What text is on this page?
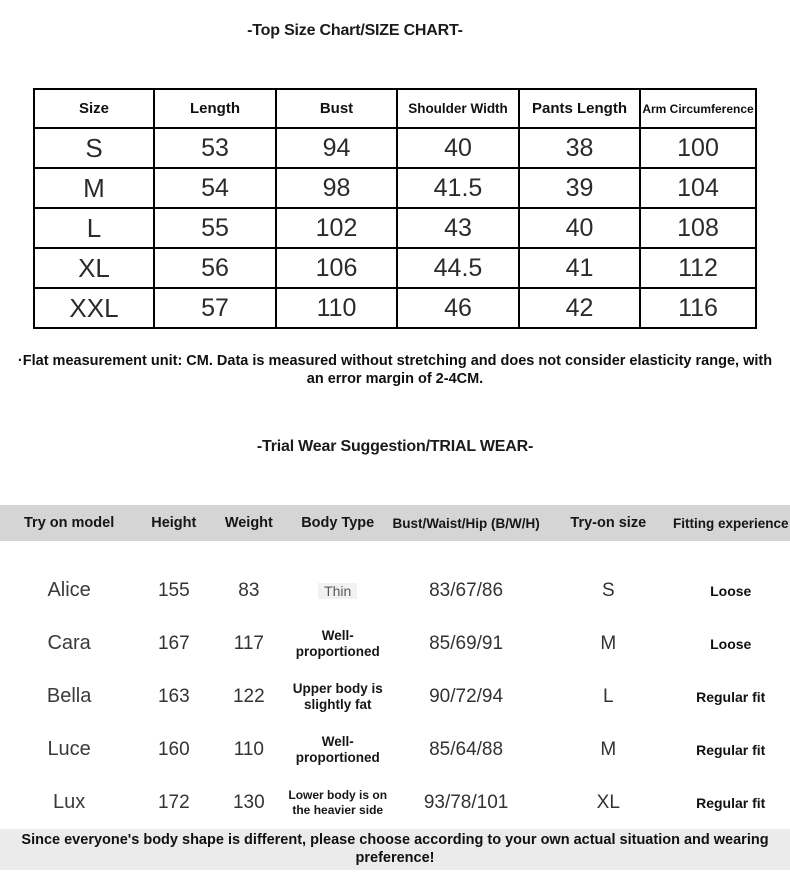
-Top Size Chart/SIZE CHART-
Size	Length	Bust	Shoulder Width	Pants Length	Arm Circumference
S	53	94	40	38	100
M	54	98	41.5	39	104
L	55	102	43	40	108
XL	56	106	44.5	41	112
XXL	57	110	46	42	116
·Flat measurement unit: CM. Data is measured without stretching and does not consider elasticity range, with an error margin of 2-4CM.
-Trial Wear Suggestion/TRIAL WEAR-
Try on model	Height	Weight	Body Type	Bust/Waist/Hip (B/W/H)	Try-on size	Fitting experience
Alice	155	83	Thin	83/67/86	S	Loose
Cara	167	117	Well-proportioned	85/69/91	M	Loose
Bella	163	122	Upper body is slightly fat	90/72/94	L	Regular fit
Luce	160	110	Well-proportioned	85/64/88	M	Regular fit
Lux	172	130	Lower body is on the heavier side	93/78/101	XL	Regular fit
Since everyone's body shape is different, please choose according to your own actual situation and wearing preference!
